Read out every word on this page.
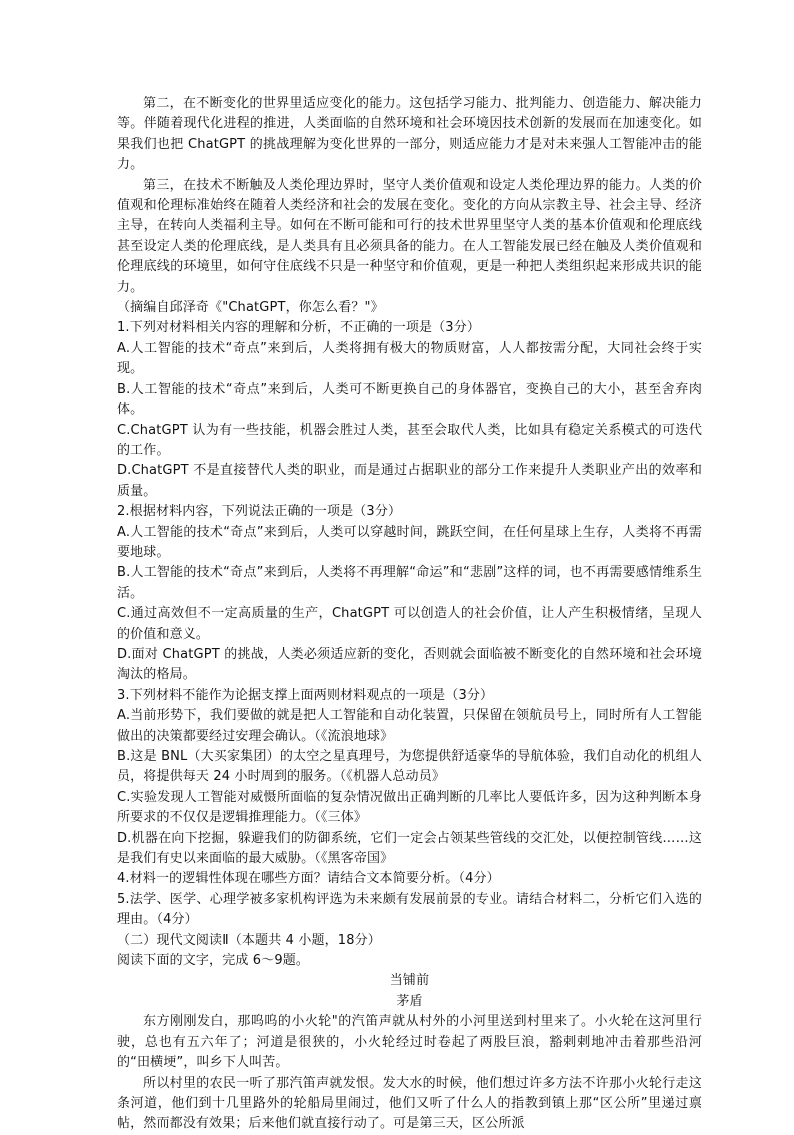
第二，在不断变化的世界里适应变化的能力。这包括学习能力、批判能力、创造能力、解决能力等。伴随着现代化进程的推进，人类面临的自然环境和社会环境因技术创新的发展而在加速变化。如果我们也把 ChatGPT 的挑战理解为变化世界的一部分，则适应能力才是对未来强人工智能冲击的能力。

第三，在技术不断触及人类伦理边界时，坚守人类价值观和设定人类伦理边界的能力。人类的价值观和伦理标准始终在随着人类经济和社会的发展在变化。变化的方向从宗教主导、社会主导、经济主导，在转向人类福利主导。如何在不断可能和可行的技术世界里坚守人类的基本价值观和伦理底线甚至设定人类的伦理底线，是人类具有且必须具备的能力。在人工智能发展已经在触及人类价值观和伦理底线的环境里，如何守住底线不只是一种坚守和价值观，更是一种把人类组织起来形成共识的能力。

（摘编自邱泽奇《"ChatGPT，你怎么看？"》

1.下列对材料相关内容的理解和分析，不正确的一项是（3分）

A.人工智能的技术“奇点”来到后，人类将拥有极大的物质财富，人人都按需分配，大同社会终于实现。

B.人工智能的技术“奇点”来到后，人类可不断更换自己的身体器官，变换自己的大小，甚至舍弃肉体。

C.ChatGPT 认为有一些技能，机器会胜过人类，甚至会取代人类，比如具有稳定关系模式的可迭代的工作。

D.ChatGPT 不是直接替代人类的职业，而是通过占据职业的部分工作来提升人类职业产出的效率和质量。

2.根据材料内容，下列说法正确的一项是（3分）

A.人工智能的技术“奇点”来到后，人类可以穿越时间，跳跃空间，在任何星球上生存，人类将不再需要地球。

B.人工智能的技术“奇点”来到后，人类将不再理解“命运”和“悲剧”这样的词，也不再需要感情维系生活。

C.通过高效但不一定高质量的生产，ChatGPT 可以创造人的社会价值，让人产生积极情绪，呈现人的价值和意义。

D.面对 ChatGPT 的挑战，人类必须适应新的变化，否则就会面临被不断变化的自然环境和社会环境淘汰的格局。

3.下列材料不能作为论据支撑上面两则材料观点的一项是（3分）

A.当前形势下，我们要做的就是把人工智能和自动化装置，只保留在领航员号上，同时所有人工智能做出的决策都要经过安理会确认。（《流浪地球》

B.这是 BNL（大买家集团）的太空之星真理号，为您提供舒适豪华的导航体验，我们自动化的机组人员，将提供每天 24 小时周到的服务。（《机器人总动员》

C.实验发现人工智能对威慑所面临的复杂情况做出正确判断的几率比人要低许多，因为这种判断本身所要求的不仅仅是逻辑推理能力。（《三体》

D.机器在向下挖掘，躲避我们的防御系统，它们一定会占领某些管线的交汇处，以便控制管线……这是我们有史以来面临的最大威胁。（《黑客帝国》

4.材料一的逻辑性体现在哪些方面？请结合文本简要分析。（4分）

5.法学、医学、心理学被多家机构评选为未来颇有发展前景的专业。请结合材料二，分析它们入选的理由。（4分）

（二）现代文阅读Ⅱ（本题共 4 小题，18分）

阅读下面的文字，完成 6～9题。

当铺前

茅盾

东方刚刚发白，那呜呜的小火轮"的汽笛声就从村外的小河里送到村里来了。小火轮在这河里行驶，总也有五六年了；河道是很狭的，小火轮经过时卷起了两股巨浪，豁剌剌地冲击着那些沿河的“田横埂”，叫乡下人叫苦。

所以村里的农民一听了那汽笛声就发恨。发大水的时候，他们想过许多方法不许那小火轮行走这条河道，他们到十几里路外的轮船局里闹过，他们又听了什么人的指教到镇上那“区公所”里递过禀帖，然而都没有效果；后来他们就直接行动了。可是第三天，区公所派
